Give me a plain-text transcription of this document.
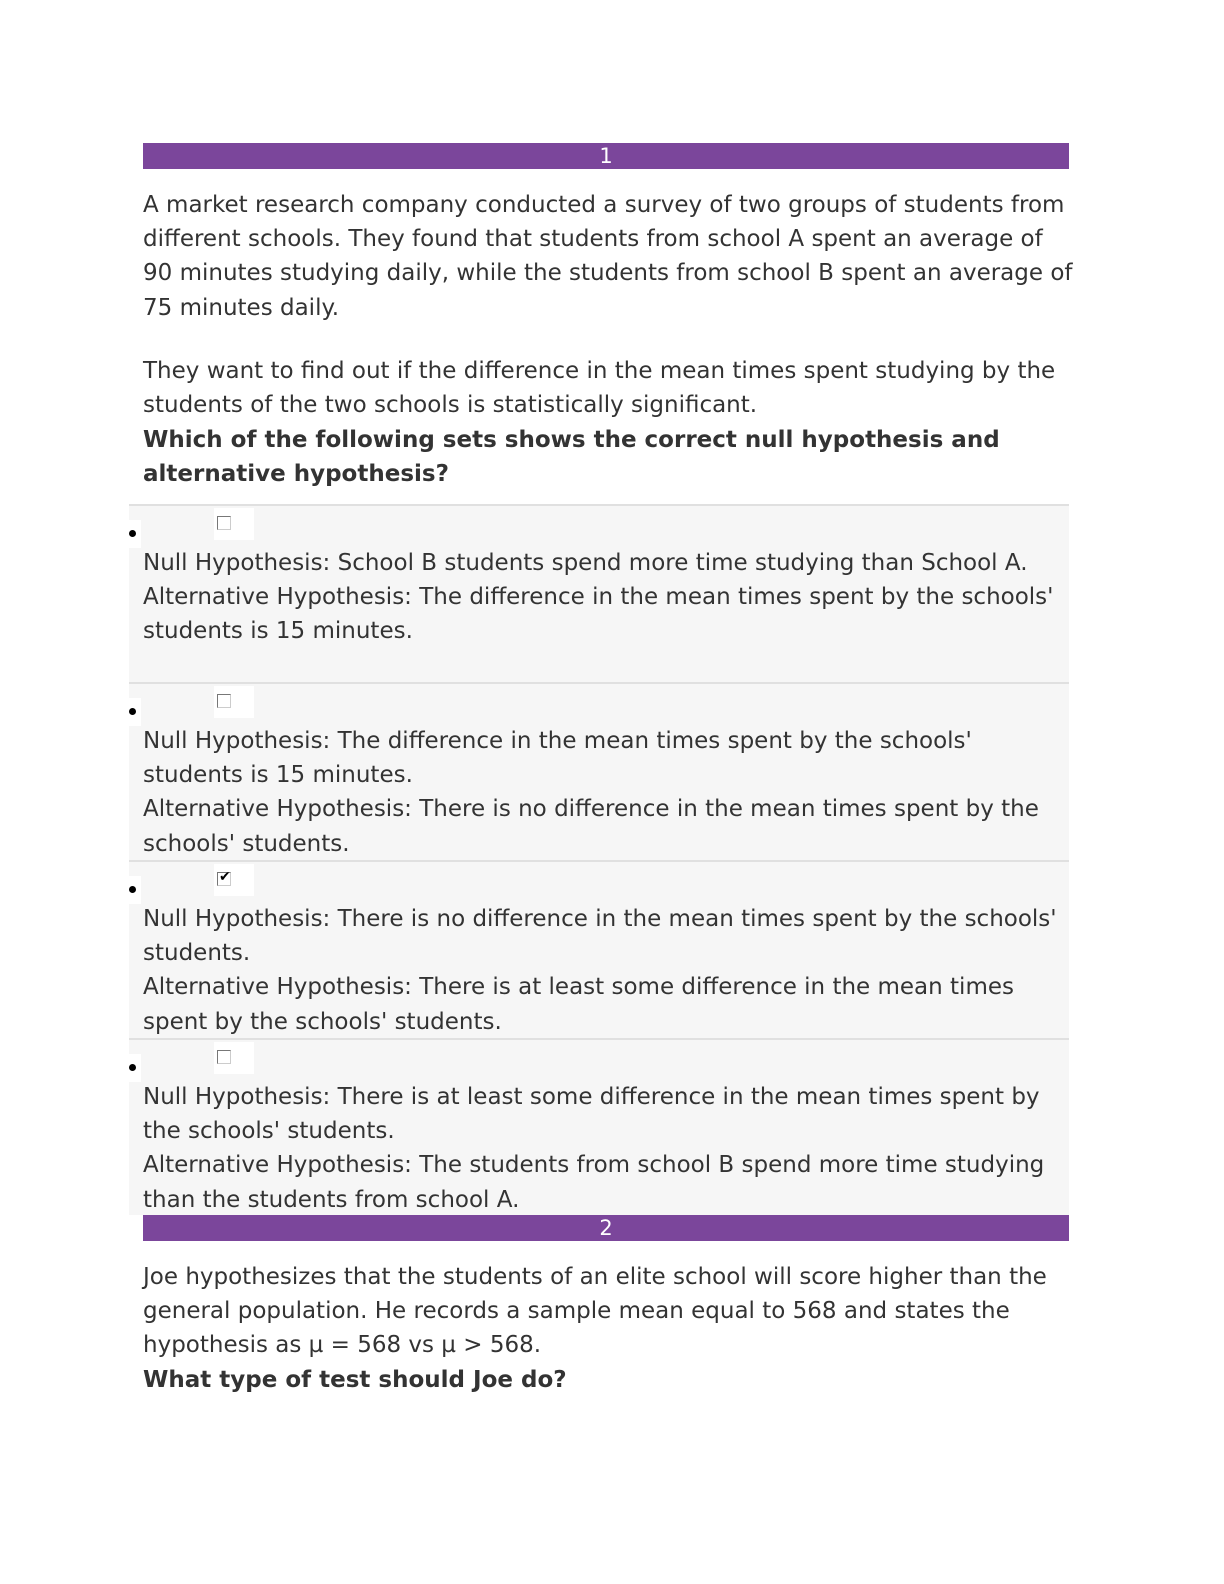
1

A market research company conducted a survey of two groups of students from different schools. They found that students from school A spent an average of 90 minutes studying daily, while the students from school B spent an average of 75 minutes daily.

They want to find out if the difference in the mean times spent studying by the students of the two schools is statistically significant.

Which of the following sets shows the correct null hypothesis and alternative hypothesis?

Null Hypothesis: School B students spend more time studying than School A.
Alternative Hypothesis: The difference in the mean times spent by the schools' students is 15 minutes.
Null Hypothesis: The difference in the mean times spent by the schools' students is 15 minutes.
Alternative Hypothesis: There is no difference in the mean times spent by the schools' students.
✔
Null Hypothesis: There is no difference in the mean times spent by the schools' students.
Alternative Hypothesis: There is at least some difference in the mean times spent by the schools' students.
Null Hypothesis: There is at least some difference in the mean times spent by the schools' students.
Alternative Hypothesis: The students from school B spend more time studying than the students from school A.
2

Joe hypothesizes that the students of an elite school will score higher than the general population. He records a sample mean equal to 568 and states the hypothesis as µ = 568 vs µ > 568.

What type of test should Joe do?
